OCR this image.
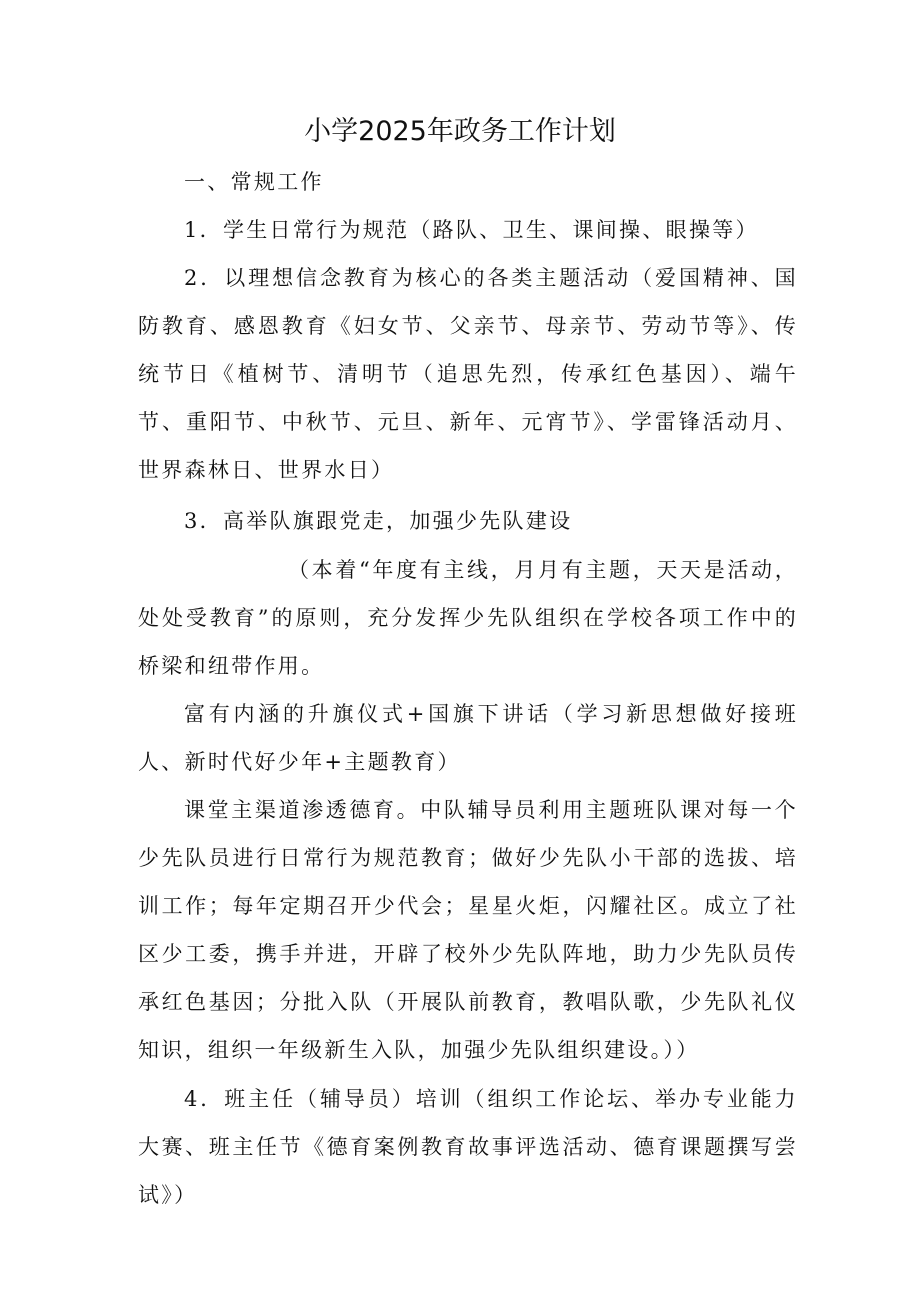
小学2025年政务工作计划

一、常规工作

1．学生日常行为规范（路队、卫生、课间操、眼操等）

2．以理想信念教育为核心的各类主题活动（爱国精神、国防教育、感恩教育《妇女节、父亲节、母亲节、劳动节等》、传统节日《植树节、清明节（追思先烈，传承红色基因）、端午节、重阳节、中秋节、元旦、新年、元宵节》、学雷锋活动月、世界森林日、世界水日）

3．高举队旗跟党走，加强少先队建设

（本着“年度有主线，月月有主题，天天是活动，处处受教育”的原则，充分发挥少先队组织在学校各项工作中的桥梁和纽带作用。

富有内涵的升旗仪式+国旗下讲话（学习新思想做好接班人、新时代好少年+主题教育）

课堂主渠道渗透德育。中队辅导员利用主题班队课对每一个少先队员进行日常行为规范教育；做好少先队小干部的选拔、培训工作；每年定期召开少代会；星星火炬，闪耀社区。成立了社区少工委，携手并进，开辟了校外少先队阵地，助力少先队员传承红色基因；分批入队（开展队前教育，教唱队歌，少先队礼仪知识，组织一年级新生入队，加强少先队组织建设。））

4．班主任（辅导员）培训（组织工作论坛、举办专业能力大赛、班主任节《德育案例教育故事评选活动、德育课题撰写尝试》）
